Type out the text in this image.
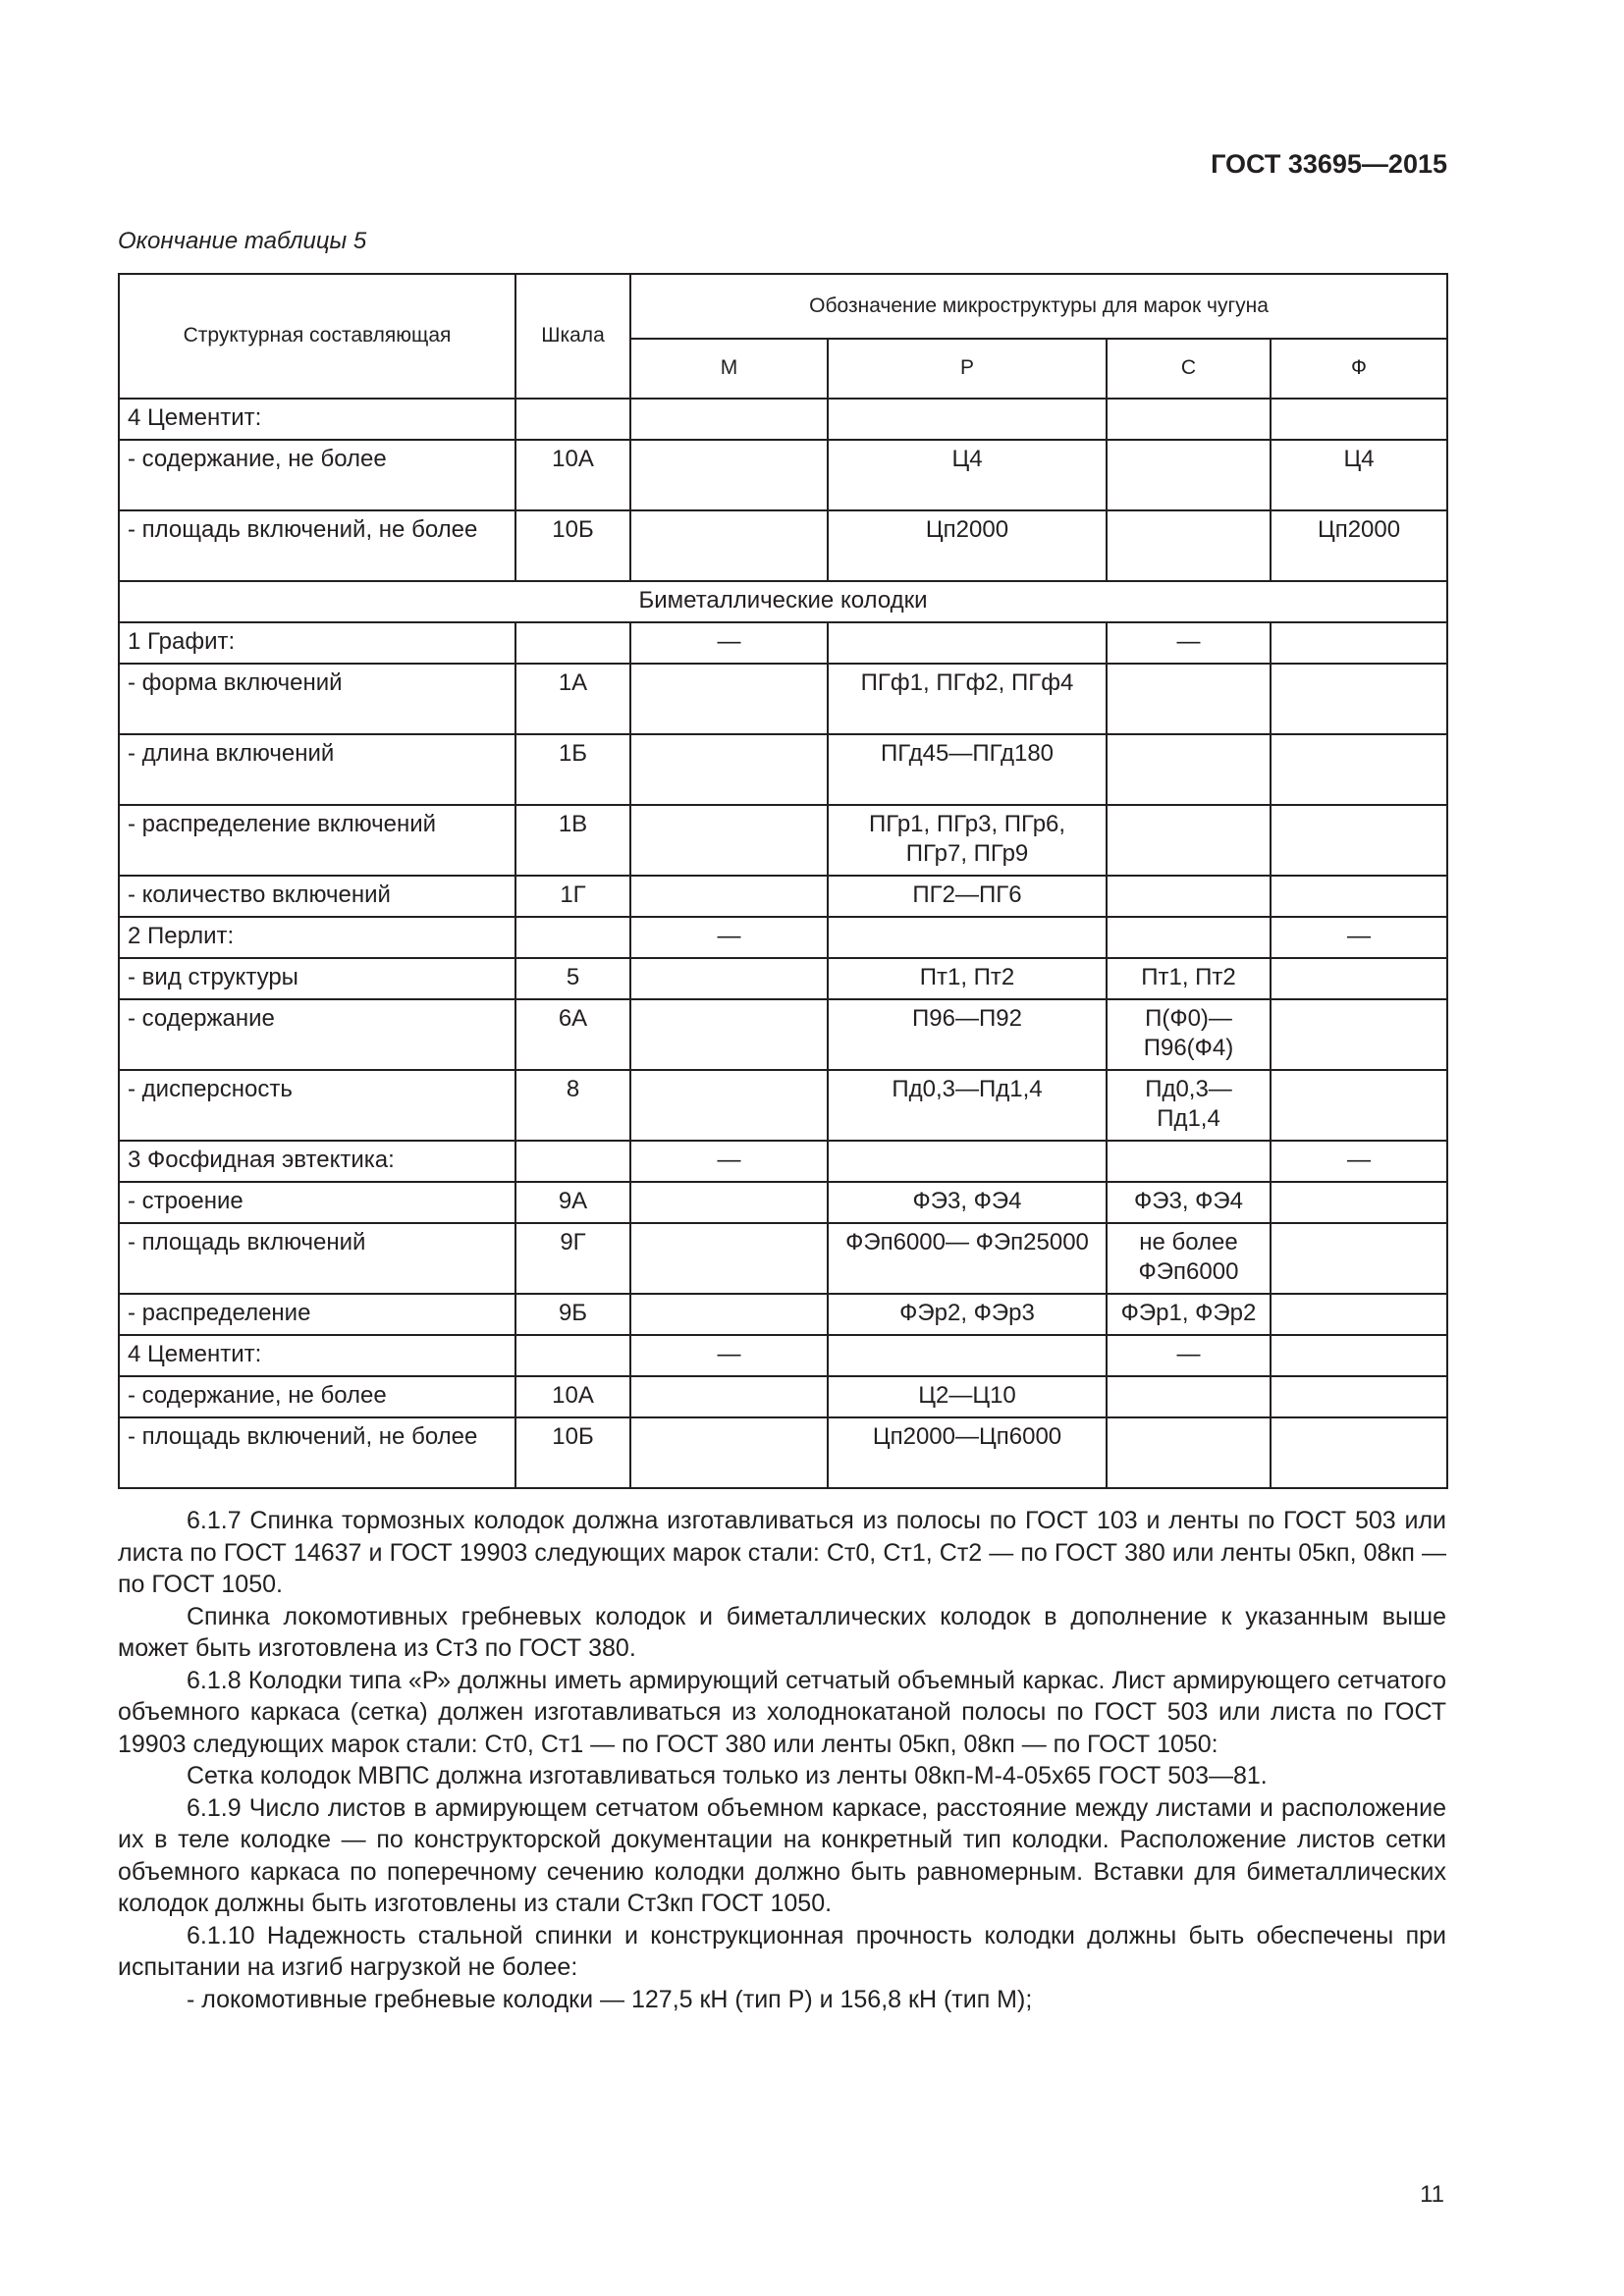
ГОСТ 33695—2015
Окончание таблицы 5
Структурная составляющая	Шкала	Обозначение микроструктуры для марок чугуна			
		М	Р	С	Ф
4 Цементит:					
- содержание, не более	10А		Ц4		Ц4
- площадь включений, не более	10Б		Цп2000		Цп2000
Биметаллические колодки					
1 Графит:		—		—	
- форма включений	1А		ПГф1, ПГф2, ПГф4		
- длина включений	1Б		ПГд45—ПГд180		
- распределение включений	1В		ПГр1, ПГр3, ПГр6, ПГр7, ПГр9		
- количество включений	1Г		ПГ2—ПГ6		
2 Перлит:		—			—
- вид структуры	5		Пт1, Пт2	Пт1, Пт2	
- содержание	6А		П96—П92	П(Ф0)— П96(Ф4)	
- дисперсность	8		Пд0,3—Пд1,4	Пд0,3— Пд1,4	
3 Фосфидная эвтектика:		—			—
- строение	9А		ФЭ3, ФЭ4	ФЭ3, ФЭ4	
- площадь включений	9Г		ФЭп6000— ФЭп25000	не более ФЭп6000	
- распределение	9Б		ФЭр2, ФЭр3	ФЭр1, ФЭр2	
4 Цементит:		—		—	
- содержание, не более	10А		Ц2—Ц10		
- площадь включений, не более	10Б		Цп2000—Цп6000		

6.1.7 Спинка тормозных колодок должна изготавливаться из полосы по ГОСТ 103 и ленты по ГОСТ 503 или листа по ГОСТ 14637 и ГОСТ 19903 следующих марок стали: Ст0, Ст1, Ст2 — по ГОСТ 380 или ленты 05кп, 08кп — по ГОСТ 1050.

Спинка локомотивных гребневых колодок и биметаллических колодок в дополнение к указанным выше может быть изготовлена из Ст3 по ГОСТ 380.

6.1.8 Колодки типа «Р» должны иметь армирующий сетчатый объемный каркас. Лист армирующего сетчатого объемного каркаса (сетка) должен изготавливаться из холоднокатаной полосы по ГОСТ 503 или листа по ГОСТ 19903 следующих марок стали: Ст0, Ст1 — по ГОСТ 380 или ленты 05кп, 08кп — по ГОСТ 1050:

Сетка колодок МВПС должна изготавливаться только из ленты 08кп-М-4-05х65 ГОСТ 503—81.

6.1.9 Число листов в армирующем сетчатом объемном каркасе, расстояние между листами и расположение их в теле колодке — по конструкторской документации на конкретный тип колодки. Расположение листов сетки объемного каркаса по поперечному сечению колодки должно быть равномерным. Вставки для биметаллических колодок должны быть изготовлены из стали Ст3кп ГОСТ 1050.

6.1.10 Надежность стальной спинки и конструкционная прочность колодки должны быть обеспечены при испытании на изгиб нагрузкой не более:

- локомотивные гребневые колодки — 127,5 кН (тип Р) и 156,8 кН (тип М);

11
